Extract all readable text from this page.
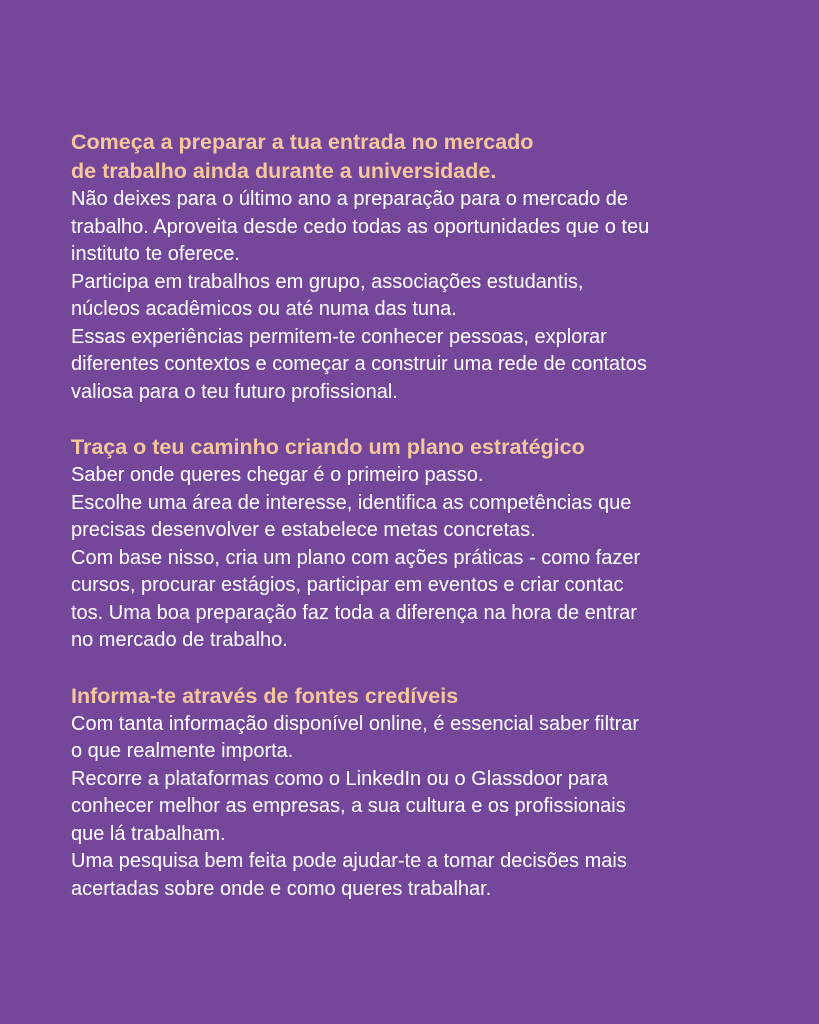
Começa a preparar a tua entrada no mercado

de trabalho ainda durante a universidade.

Não deixes para o último ano a preparação para o mercado de

trabalho. Aproveita desde cedo todas as oportunidades que o teu

instituto te oferece.

Participa em trabalhos em grupo, associações estudantis,

núcleos acadêmicos ou até numa das tuna.

Essas experiências permitem-te conhecer pessoas, explorar

diferentes contextos e começar a construir uma rede de contatos

valiosa para o teu futuro profissional.

Traça o teu caminho criando um plano estratégico

Saber onde queres chegar é o primeiro passo.

Escolhe uma área de interesse, identifica as competências que

precisas desenvolver e estabelece metas concretas.

Com base nisso, cria um plano com ações práticas - como fazer

cursos, procurar estágios, participar em eventos e criar contac

tos. Uma boa preparação faz toda a diferença na hora de entrar

no mercado de trabalho.

Informa-te através de fontes credíveis

Com tanta informação disponível online, é essencial saber filtrar

o que realmente importa.

Recorre a plataformas como o LinkedIn ou o Glassdoor para

conhecer melhor as empresas, a sua cultura e os profissionais

que lá trabalham.

Uma pesquisa bem feita pode ajudar-te a tomar decisões mais

acertadas sobre onde e como queres trabalhar.
